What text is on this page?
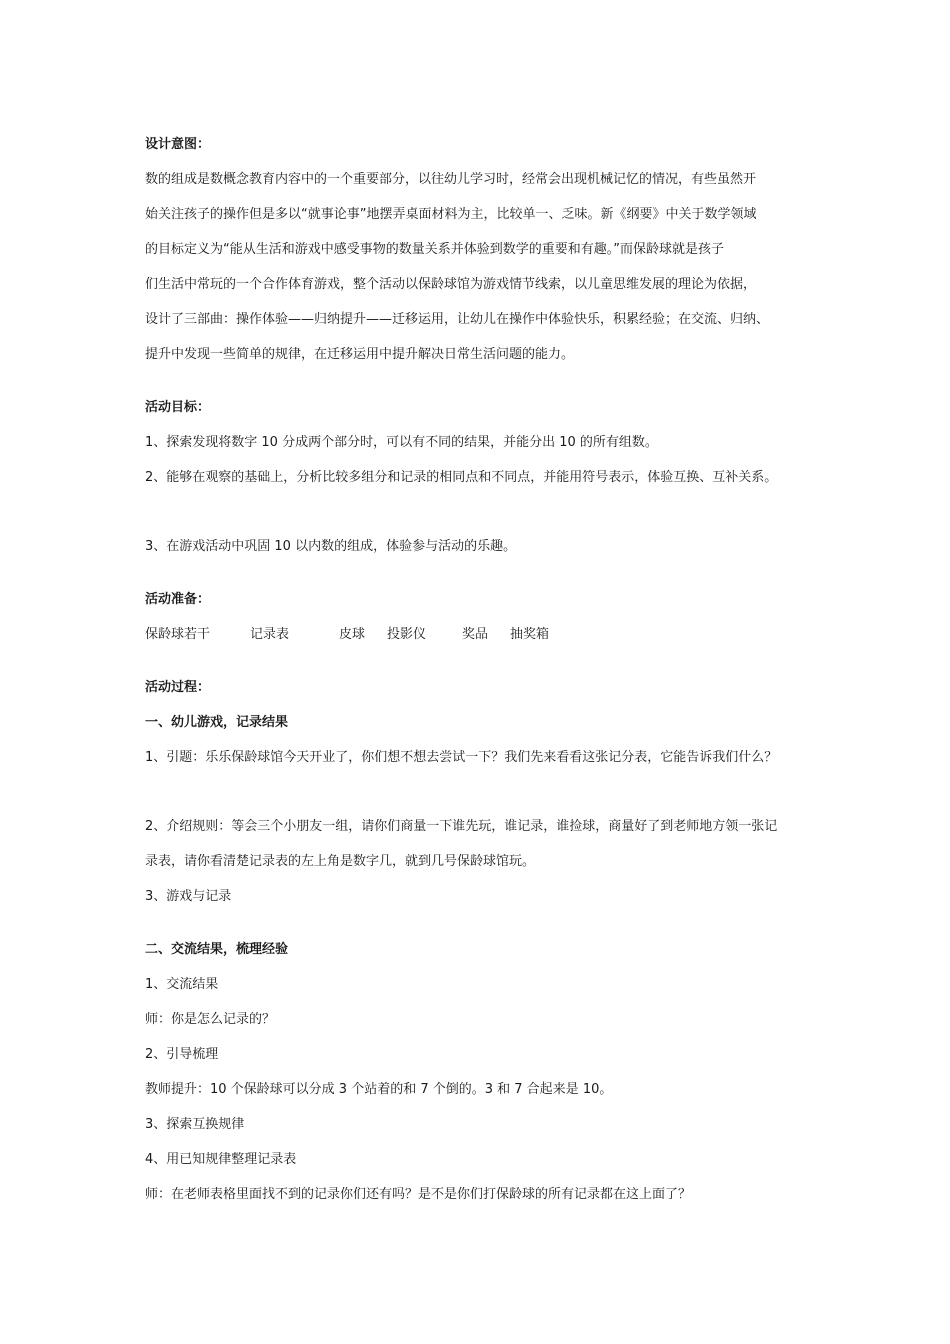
设计意图：
数的组成是数概念教育内容中的一个重要部分，以往幼儿学习时，经常会出现机械记忆的情况，有些虽然开
始关注孩子的操作但是多以“就事论事”地摆弄桌面材料为主，比较单一、乏味。新《纲要》中关于数学领域
的目标定义为“能从生活和游戏中感受事物的数量关系并体验到数学的重要和有趣。”而保龄球就是孩子
们生活中常玩的一个合作体育游戏，整个活动以保龄球馆为游戏情节线索，以儿童思维发展的理论为依据，
设计了三部曲：操作体验——归纳提升——迁移运用，让幼儿在操作中体验快乐，积累经验；在交流、归纳、
提升中发现一些简单的规律，在迁移运用中提升解决日常生活问题的能力。
活动目标：
1、探索发现将数字 10 分成两个部分时，可以有不同的结果，并能分出 10 的所有组数。
2、能够在观察的基础上，分析比较多组分和记录的相同点和不同点，并能用符号表示，体验互换、互补关系。
3、在游戏活动中巩固 10 以内数的组成，体验参与活动的乐趣。
活动准备：
保龄球若干	记录表	皮球 投影仪	奖品 抽奖箱
活动过程：
一、幼儿游戏，记录结果
1、引题：乐乐保龄球馆今天开业了，你们想不想去尝试一下？我们先来看看这张记分表，它能告诉我们什么？
2、介绍规则：等会三个小朋友一组，请你们商量一下谁先玩，谁记录，谁捡球，商量好了到老师地方领一张记
录表，请你看清楚记录表的左上角是数字几，就到几号保龄球馆玩。
3、游戏与记录
二、交流结果，梳理经验
1、交流结果
师：你是怎么记录的？
2、引导梳理
教师提升：10 个保龄球可以分成 3 个站着的和 7 个倒的。3 和 7 合起来是 10。
3、探索互换规律
4、用已知规律整理记录表
师：在老师表格里面找不到的记录你们还有吗？是不是你们打保龄球的所有记录都在这上面了？
